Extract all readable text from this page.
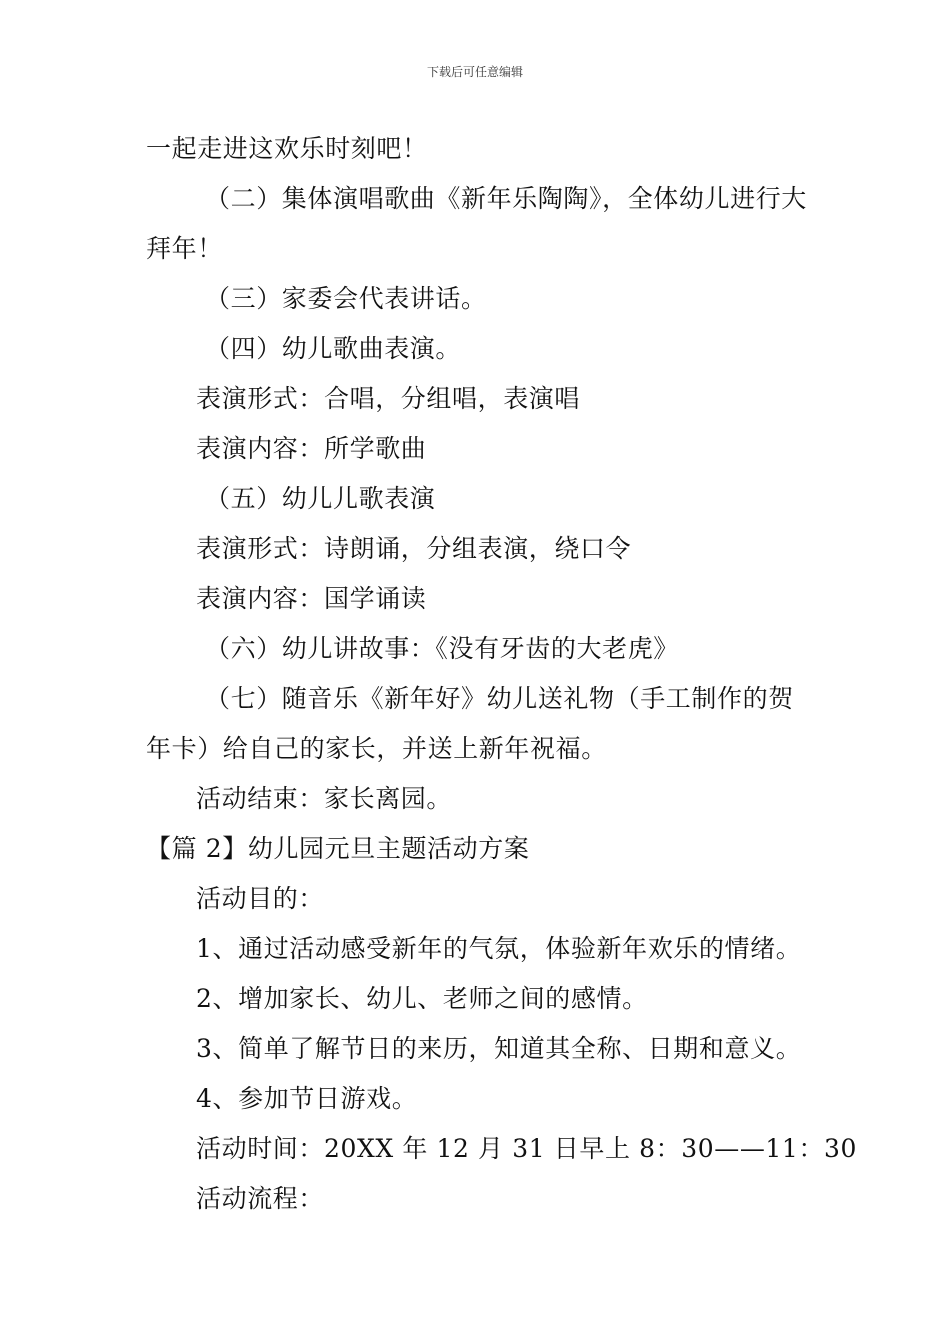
下载后可任意编辑
一起走进这欢乐时刻吧！
（二）集体演唱歌曲《新年乐陶陶》，全体幼儿进行大
拜年！
（三）家委会代表讲话。
（四）幼儿歌曲表演。
表演形式：合唱，分组唱，表演唱
表演内容：所学歌曲
（五）幼儿儿歌表演
表演形式：诗朗诵，分组表演，绕口令
表演内容：国学诵读
（六）幼儿讲故事：《没有牙齿的大老虎》
（七）随音乐《新年好》幼儿送礼物（手工制作的贺
年卡）给自己的家长，并送上新年祝福。
活动结束：家长离园。
【篇 2】幼儿园元旦主题活动方案
活动目的：
1、通过活动感受新年的气氛，体验新年欢乐的情绪。
2、增加家长、幼儿、老师之间的感情。
3、简单了解节日的来历，知道其全称、日期和意义。
4、参加节日游戏。
活动时间：20XX 年 12 月 31 日早上 8：30——11：30
活动流程：
